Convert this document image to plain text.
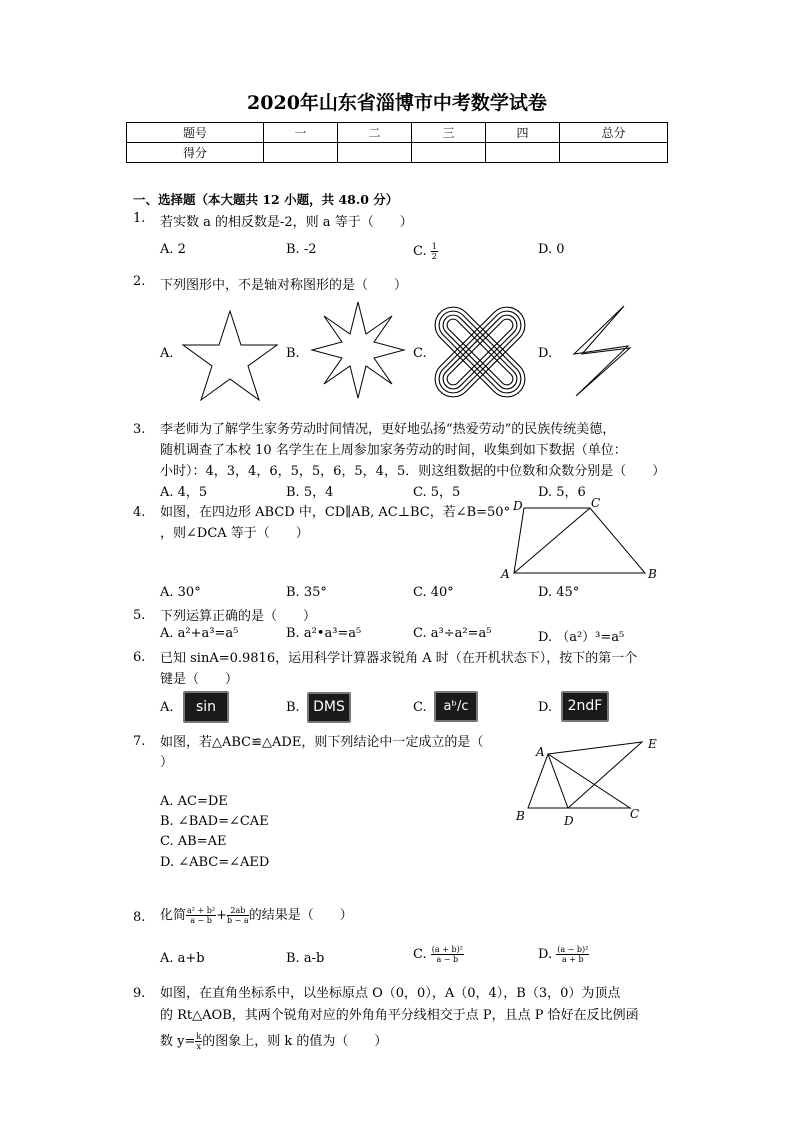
2020年山东省淄博市中考数学试卷
题号	一	二	三	四	总分
得分					
一、选择题（本大题共 12 小题，共 48.0 分）
1. 若实数 a 的相反数是-2，则 a 等于（　　）
A. 2	B. -2	C. $\frac{1}{2}$	D. 0
2. 下列图形中，不是轴对称图形的是（　　）
A.	B.	C.	D.
3. 李老师为了解学生家务劳动时间情况，更好地弘扬“热爱劳动”的民族传统美德，
随机调查了本校 10 名学生在上周参加家务劳动的时间，收集到如下数据（单位：
小时）：4，3，4，6，5，5，6，5，4，5．则这组数据的中位数和众数分别是（　　）
A. 4，5	B. 5，4	C. 5，5	D. 5，6
4. 如图，在四边形 ABCD 中，CD∥AB, AC⊥BC，若∠B=50°
，则∠DCA 等于（　　）
D	C
A	B
A. 30°	B. 35°	C. 40°	D. 45°
5. 下列运算正确的是（　　）
A. a²+a³=a⁵	B. a²•a³=a⁵	C. a³÷a²=a⁵	D. （a²）³=a⁵
6. 已知 sinA=0.9816，运用科学计算器求锐角 A 时（在开机状态下），按下的第一个
键是（　　）
A.	B.	C.	D.
sin	DMS	aᵇ/c	2ndF
7. 如图，若△ABC≌△ADE，则下列结论中一定成立的是（
）
A. AC=DE
B. ∠BAD=∠CAE
C. AB=AE
D. ∠ABC=∠AED
A
E
B	D	C
8. 化简 $\frac{\text{a² + b²}}{a - b} + \frac{2ab}{b - a}$ 的结果是（　　）
A. a+b	B. a-b	C. $\frac{\text{(a + b)²}}{a - b}$	D. $\frac{\text{(a − b)²}}{a + b}$
9. 如图，在直角坐标系中，以坐标原点 O（0，0），A（0，4），B（3，0）为顶点
的 Rt△AOB，其两个锐角对应的外角角平分线相交于点 P，且点 P 恰好在反比例函
数 $y= \frac{k}{x}$ 的图象上，则 k 的值为（　　）
